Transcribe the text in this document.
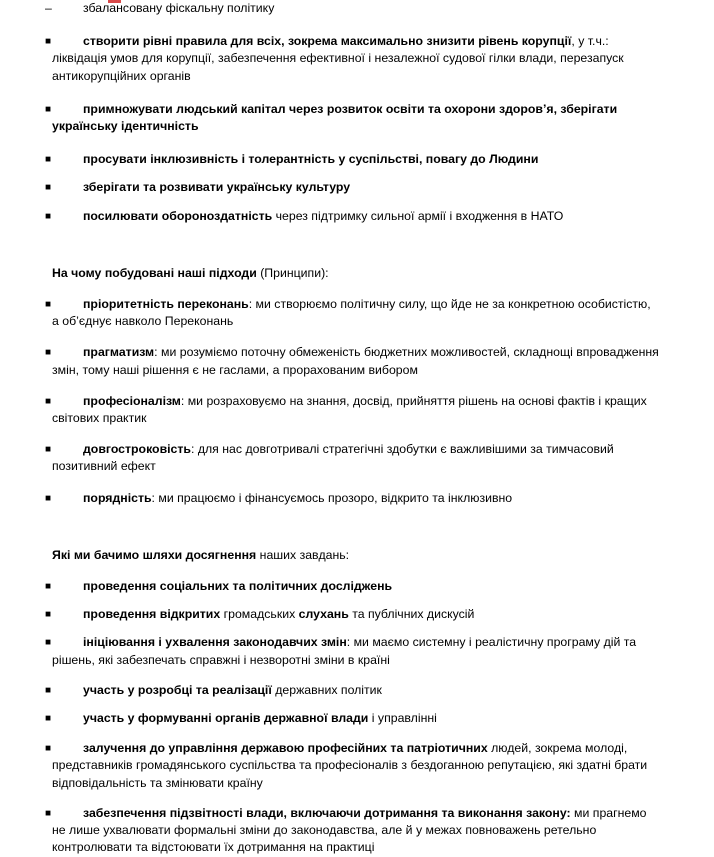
–	збалансовану фіскальну політику
■	створити рівні правила для всіх, зокрема максимально знизити рівень корупції, у т.ч.: ліквідація умов для корупції, забезпечення ефективної і незалежної судової гілки влади, перезапуск антикорупційних органів
■	примножувати людський капітал через розвиток освіти та охорони здоров’я, зберігати українську ідентичність
■	просувати інклюзивність і толерантність у суспільстві, повагу до Людини
■	зберігати та розвивати українську культуру
■	посилювати обороноздатність через підтримку сильної армії і входження в НАТО
На чому побудовані наші підходи (Принципи):
■	пріоритетність переконань: ми створюємо політичну силу, що йде не за конкретною особистістю, а об’єднує навколо Переконань
■	прагматизм: ми розуміємо поточну обмеженість бюджетних можливостей, складнощі впровадження змін, тому наші рішення є не гаслами, а прорахованим вибором
■	професіоналізм: ми розраховуємо на знання, досвід, прийняття рішень на основі фактів і кращих світових практик
■	довгостроковість: для нас довготривалі стратегічні здобутки є важливішими за тимчасовий позитивний ефект
■	порядність: ми працюємо і фінансуємось прозоро, відкрито та інклюзивно
Які ми бачимо шляхи досягнення наших завдань:
■	проведення соціальних та політичних досліджень
■	проведення відкритих громадських слухань та публічних дискусій
■	ініціювання і ухвалення законодавчих змін: ми маємо системну і реалістичну програму дій та рішень, які забезпечать справжні і незворотні зміни в країні
■	участь у розробці та реалізації державних політик
■	участь у формуванні органів державної влади і управлінні
■	залучення до управління державою професійних та патріотичних людей, зокрема молоді, представників громадянського суспільства та професіоналів з бездоганною репутацією, які здатні брати відповідальність та змінювати країну
■	забезпечення підзвітності влади, включаючи дотримання та виконання закону: ми прагнемо не лише ухвалювати формальні зміни до законодавства, але й у межах повноважень ретельно контролювати та відстоювати їх дотримання на практиці
